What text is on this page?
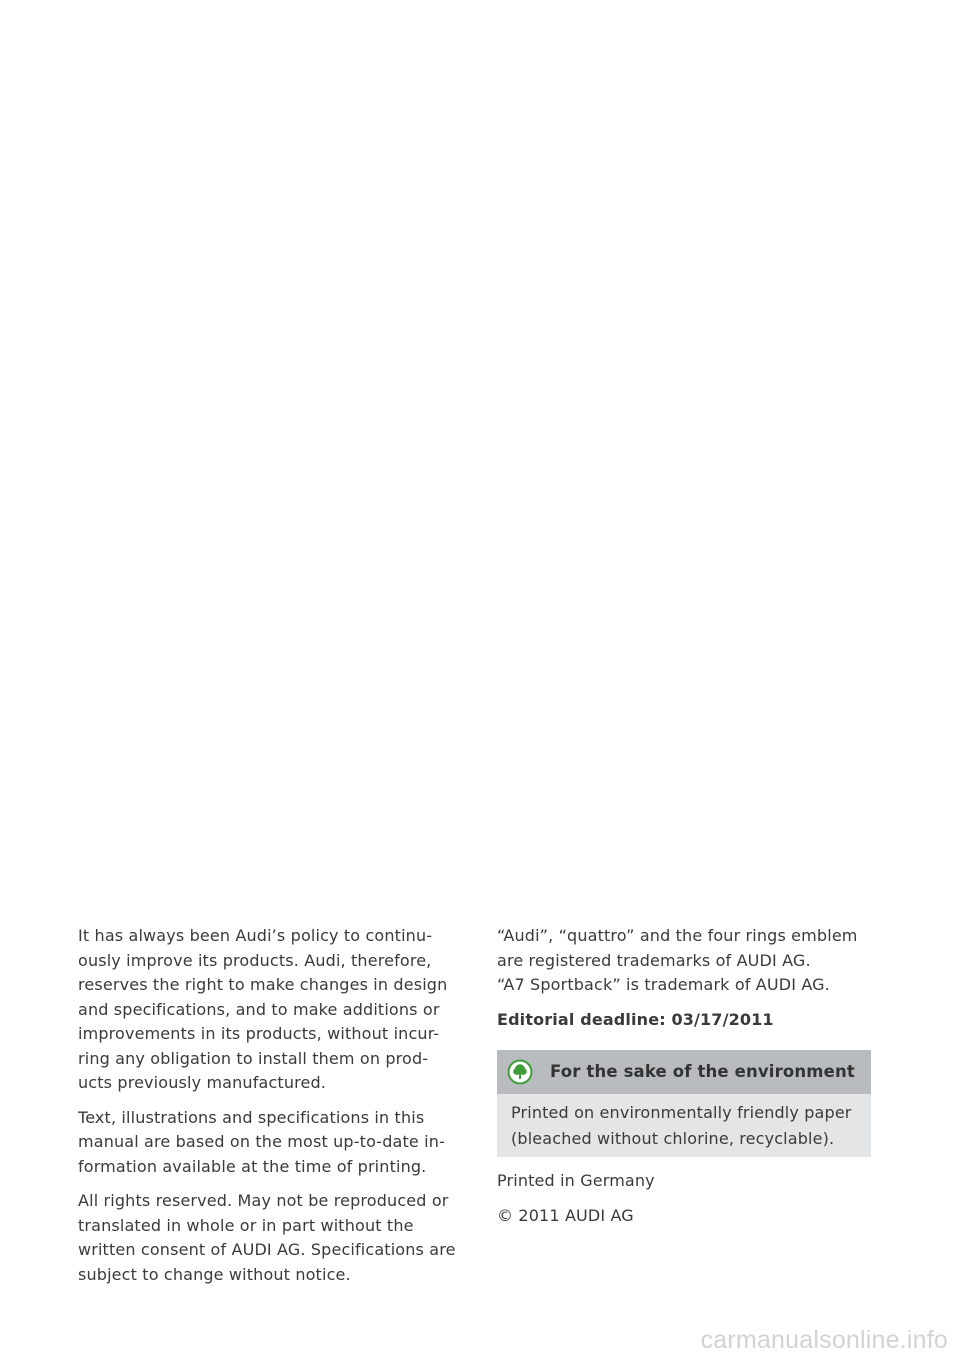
It has always been Audi’s policy to continu-
ously improve its products. Audi, therefore,
reserves the right to make changes in design
and specifications, and to make additions or
improvements in its products, without incur-
ring any obligation to install them on prod-
ucts previously manufactured.

Text, illustrations and specifications in this
manual are based on the most up-to-date in-
formation available at the time of printing.

All rights reserved. May not be reproduced or
translated in whole or in part without the
written consent of AUDI AG. Specifications are
subject to change without notice.

“Audi”, “quattro” and the four rings emblem
are registered trademarks of AUDI AG.
“A7 Sportback” is trademark of AUDI AG.

Editorial deadline: 03/17/2011

For the sake of the environment
Printed on environmentally friendly paper
(bleached without chlorine, recyclable).

Printed in Germany

© 2011 AUDI AG

carmanualsonline.info
